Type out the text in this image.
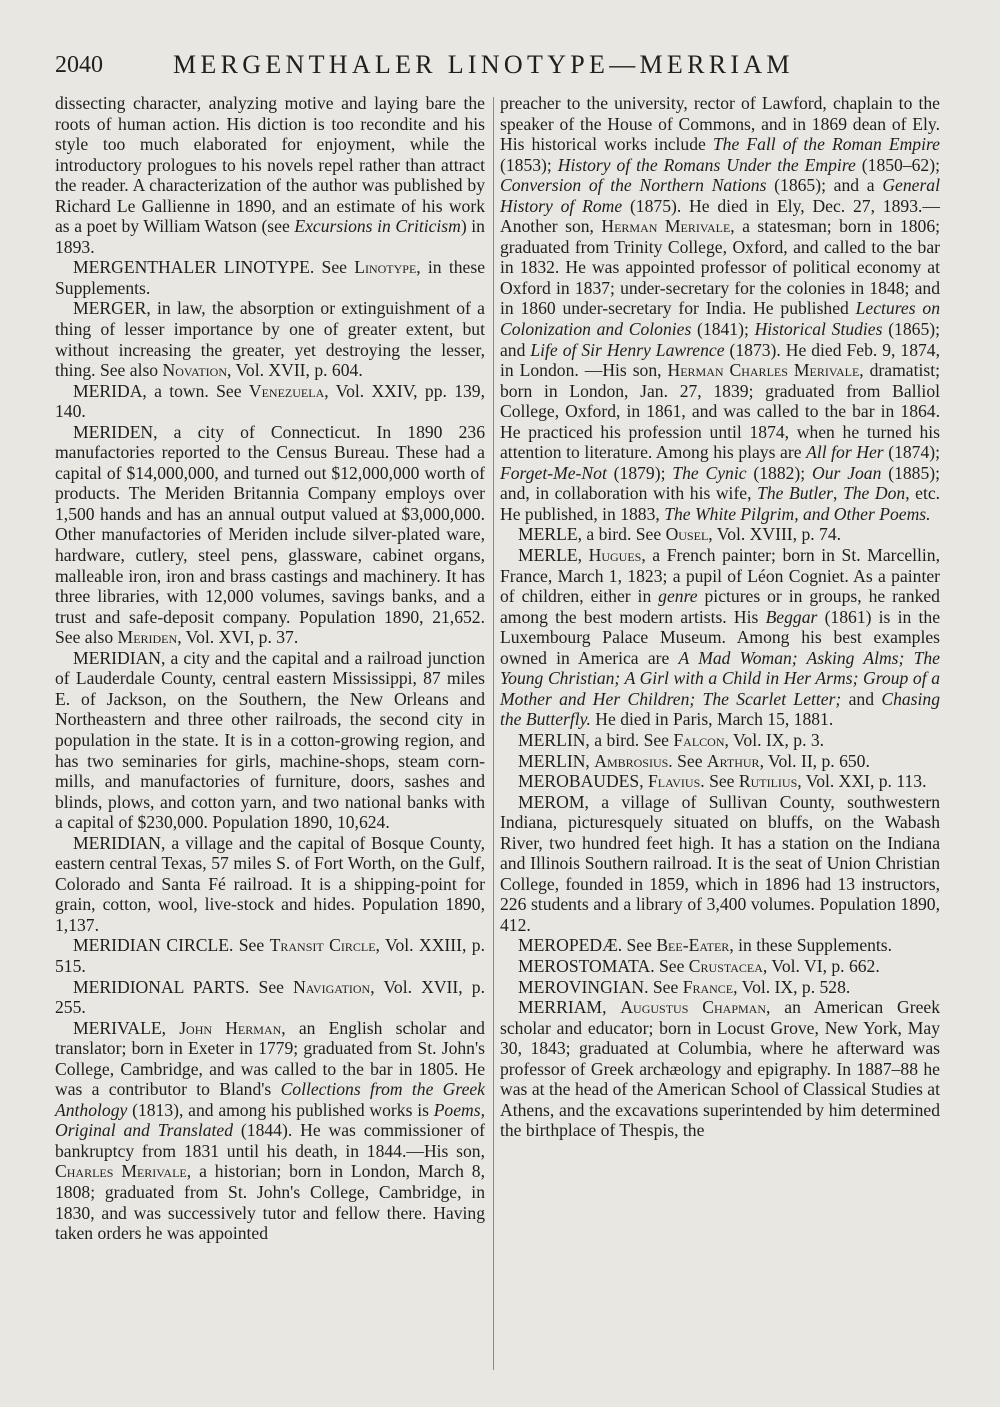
2040	MERGENTHALER LINOTYPE—MERRIAM

dissecting character, analyzing motive and laying bare the roots of human action. His diction is too recondite and his style too much elaborated for enjoyment, while the introductory prologues to his novels repel rather than attract the reader. A characterization of the author was published by Richard Le Gallienne in 1890, and an estimate of his work as a poet by William Watson (see Excursions in Criticism) in 1893.

MERGENTHALER LINOTYPE. See Linotype, in these Supplements.

MERGER, in law, the absorption or extinguishment of a thing of lesser importance by one of greater extent, but without increasing the greater, yet destroying the lesser, thing. See also Novation, Vol. XVII, p. 604.

MERIDA, a town. See Venezuela, Vol. XXIV, pp. 139, 140.

MERIDEN, a city of Connecticut. In 1890 236 manufactories reported to the Census Bureau. These had a capital of $14,000,000, and turned out $12,000,000 worth of products. The Meriden Britannia Company employs over 1,500 hands and has an annual output valued at $3,000,000. Other manufactories of Meriden include silver-plated ware, hardware, cutlery, steel pens, glassware, cabinet organs, malleable iron, iron and brass castings and machinery. It has three libraries, with 12,000 volumes, savings banks, and a trust and safe-deposit company. Population 1890, 21,652. See also Meriden, Vol. XVI, p. 37.

MERIDIAN, a city and the capital and a railroad junction of Lauderdale County, central eastern Mississippi, 87 miles E. of Jackson, on the Southern, the New Orleans and Northeastern and three other railroads, the second city in population in the state. It is in a cotton-growing region, and has two seminaries for girls, machine-shops, steam corn-mills, and manufactories of furniture, doors, sashes and blinds, plows, and cotton yarn, and two national banks with a capital of $230,000. Population 1890, 10,624.

MERIDIAN, a village and the capital of Bosque County, eastern central Texas, 57 miles S. of Fort Worth, on the Gulf, Colorado and Santa Fé railroad. It is a shipping-point for grain, cotton, wool, live-stock and hides. Population 1890, 1,137.

MERIDIAN CIRCLE. See Transit Circle, Vol. XXIII, p. 515.

MERIDIONAL PARTS. See Navigation, Vol. XVII, p. 255.

MERIVALE, John Herman, an English scholar and translator; born in Exeter in 1779; graduated from St. John's College, Cambridge, and was called to the bar in 1805. He was a contributor to Bland's Collections from the Greek Anthology (1813), and among his published works is Poems, Original and Translated (1844). He was commissioner of bankruptcy from 1831 until his death, in 1844.—His son, Charles Merivale, a historian; born in London, March 8, 1808; graduated from St. John's College, Cambridge, in 1830, and was successively tutor and fellow there. Having taken orders he was appointed

preacher to the university, rector of Lawford, chaplain to the speaker of the House of Commons, and in 1869 dean of Ely. His historical works include The Fall of the Roman Empire (1853); History of the Romans Under the Empire (1850–62); Conversion of the Northern Nations (1865); and a General History of Rome (1875). He died in Ely, Dec. 27, 1893.—Another son, Herman Merivale, a statesman; born in 1806; graduated from Trinity College, Oxford, and called to the bar in 1832. He was appointed professor of political economy at Oxford in 1837; under-secretary for the colonies in 1848; and in 1860 under-secretary for India. He published Lectures on Colonization and Colonies (1841); Historical Studies (1865); and Life of Sir Henry Lawrence (1873). He died Feb. 9, 1874, in London. —His son, Herman Charles Merivale, dramatist; born in London, Jan. 27, 1839; graduated from Balliol College, Oxford, in 1861, and was called to the bar in 1864. He practiced his profession until 1874, when he turned his attention to literature. Among his plays are All for Her (1874); Forget-Me-Not (1879); The Cynic (1882); Our Joan (1885); and, in collaboration with his wife, The Butler, The Don, etc. He published, in 1883, The White Pilgrim, and Other Poems.

MERLE, a bird. See Ousel, Vol. XVIII, p. 74.

MERLE, Hugues, a French painter; born in St. Marcellin, France, March 1, 1823; a pupil of Léon Cogniet. As a painter of children, either in genre pictures or in groups, he ranked among the best modern artists. His Beggar (1861) is in the Luxembourg Palace Museum. Among his best examples owned in America are A Mad Woman; Asking Alms; The Young Christian; A Girl with a Child in Her Arms; Group of a Mother and Her Children; The Scarlet Letter; and Chasing the Butterfly. He died in Paris, March 15, 1881.

MERLIN, a bird. See Falcon, Vol. IX, p. 3.

MERLIN, Ambrosius. See Arthur, Vol. II, p. 650.

MEROBAUDES, Flavius. See Rutilius, Vol. XXI, p. 113.

MEROM, a village of Sullivan County, southwestern Indiana, picturesquely situated on bluffs, on the Wabash River, two hundred feet high. It has a station on the Indiana and Illinois Southern railroad. It is the seat of Union Christian College, founded in 1859, which in 1896 had 13 instructors, 226 students and a library of 3,400 volumes. Population 1890, 412.

MEROPEDÆ. See Bee-Eater, in these Supplements.

MEROSTOMATA. See Crustacea, Vol. VI, p. 662.

MEROVINGIAN. See France, Vol. IX, p. 528.

MERRIAM, Augustus Chapman, an American Greek scholar and educator; born in Locust Grove, New York, May 30, 1843; graduated at Columbia, where he afterward was professor of Greek archæology and epigraphy. In 1887–88 he was at the head of the American School of Classical Studies at Athens, and the excavations superintended by him determined the birthplace of Thespis, the
